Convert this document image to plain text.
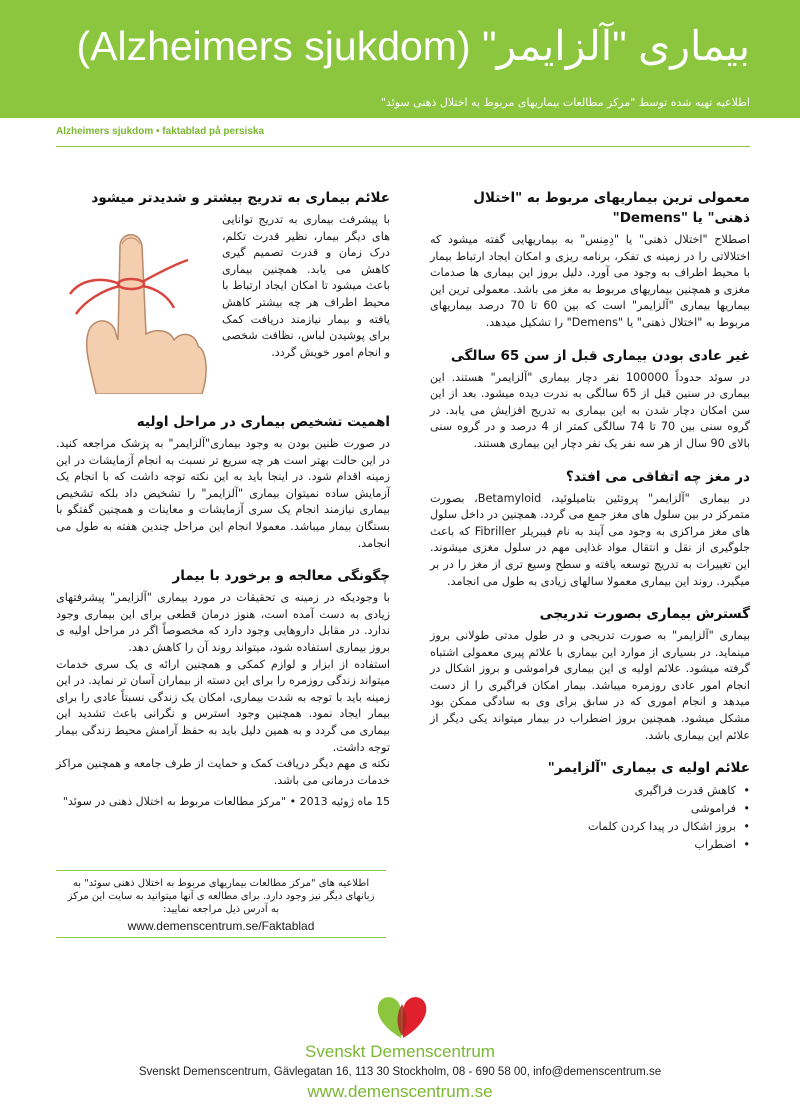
بیماری "آلزایمر" (Alzheimers sjukdom)
اطلاعیه تهیه شده توسط "مرکز مطالعات بیماریهای مربوط به اختلال ذهنی سوئد"
Alzheimers sjukdom • faktablad på persiska
معمولی ترین بیماریهای مربوط به "اختلال ذهنی" یا "Demens"

اصطلاح "اختلال ذهنی" یا "دِمِنس" به بیماریهایی گفته میشود که اختلالاتی را در زمینه ی تفکر، برنامه ریزی و امکان ایجاد ارتباط بیمار با محیط اطراف به وجود می آورد. دلیل بروز این بیماری ها صدمات مغزی و همچنین بیماریهای مربوط به مغز می باشد. معمولی ترین این بیماریها بیماری "آلزایمر" است که بین 60 تا 70 درصد بیماریهای مربوط به "اختلال ذهنی" یا "Demens" را تشکیل میدهد.

غیر عادی بودن بیماری قبل از سن 65 سالگی

در سوئد حدوداً 100000 نفر دچار بیماری "آلزایمر" هستند. این بیماری در سنین قبل از 65 سالگی به ندرت دیده میشود. بعد از این سن امکان دچار شدن به این بیماری به تدریج افزایش می یابد. در گروه سنی بین 70 تا 74 سالگی کمتر از 4 درصد و در گروه سنی بالای 90 سال از هر سه نفر یک نفر دچار این بیماری هستند.

در مغز چه اتفاقی می افتد؟

در بیماری "آلزایمر" پروتئین بتامیلوئید، Betamyloid، بصورت متمرکز در بین سلول های مغز جمع می گردد. همچنین در داخل سلول های مغز مراکزی به وجود می آیند به نام فیبریلر Fibriller که باعث جلوگیری از نقل و انتقال مواد غذایی مهم در سلول مغزی میشوند. این تغییرات به تدریج توسعه یافته و سطح وسیع تری از مغز را در بر میگیرد. روند این بیماری معمولا سالهای زیادی به طول می انجامد.

گسترش بیماری بصورت تدریجی

بیماری "آلزایمر" به صورت تدریجی و در طول مدتی طولانی بروز مینماید. در بسیاری از موارد این بیماری با علائم پیری معمولی اشتباه گرفته میشود. علائم اولیه ی این بیماری فراموشی و بروز اشکال در انجام امور عادی روزمره میباشد. بیمار امکان فراگیری را از دست میدهد و انجام اموری که در سابق برای وی به سادگی ممکن بود مشکل میشود. همچنین بروز اضطراب در بیمار میتواند یکی دیگر از علائم این بیماری باشد.

علائم اولیه ی بیماری "آلزایمر"
• کاهش قدرت فراگیری
• فراموشی
• بروز اشکال در پیدا کردن کلمات
• اضطراب
علائم بیماری به تدریج بیشتر و شدیدتر میشود

با پیشرفت بیماری به تدریج توانایی های دیگر بیمار، نظیر قدرت تکلم، درک زمان و قدرت تصمیم گیری کاهش می یابد. همچنین بیماری باعث میشود تا امکان ایجاد ارتباط با محیط اطراف هر چه بیشتر کاهش یافته و بیمار نیازمند دریافت کمک برای پوشیدن لباس، نظافت شخصی و انجام امور خویش گردد.

اهمیت تشخیص بیماری در مراحل اولیه

در صورت ظنین بودن به وجود بیماری"آلزایمر" به پزشک مراجعه کنید. در این حالت بهتر است هر چه سریع تر نسبت به انجام آزمایشات در این زمینه اقدام شود. در اینجا باید به این نکته توجه داشت که با انجام یک آزمایش ساده نمیتوان بیماری "آلزایمر" را تشخیص داد بلکه تشخیص بیماری نیازمند انجام یک سری آزمایشات و معاینات و همچنین گفتگو با بستگان بیمار میباشد. معمولا انجام این مراحل چندین هفته به طول می انجامد.

چگونگی معالجه و برخورد با بیمار

با وجودیکه در زمینه ی تحقیقات در مورد بیماری "آلزایمر" پیشرفتهای زیادی به دست آمده است، هنوز درمان قطعی برای این بیماری وجود ندارد. در مقابل داروهایی وجود دارد که مخصوصاً اگر در مراحل اولیه ی بروز بیماری استفاده شود، میتواند روند آن را کاهش دهد.

استفاده از ابزار و لوازم کمکی و همچنین ارائه ی یک سری خدمات میتواند زندگی روزمره را برای این دسته از بیماران آسان تر نماید. در این زمینه باید با توجه به شدت بیماری، امکان یک زندگی نسبتاً عادی را برای بیمار ایجاد نمود. همچنین وجود استرس و نگرانی باعث تشدید این بیماری می گردد و به همین دلیل باید به حفظ آرامش محیط زندگی بیمار توجه داشت.

نکته ی مهم دیگر دریافت کمک و حمایت از طرف جامعه و همچنین مراکز خدمات درمانی می باشد.

15 ماه ژوئیه 2013 • "مرکز مطالعات مربوط به اختلال ذهنی در سوئد"
اطلاعیه های "مرکز مطالعات بیماریهای مربوط به اختلال ذهنی سوئد" به زبانهای دیگر نیز وجود دارد. برای مطالعه ی آنها میتوانید به سایت این مرکز به آدرس ذیل مراجعه نمایید:
www.demenscentrum.se/Faktablad
Svenskt Demenscentrum
Svenskt Demenscentrum, Gävlegatan 16, 113 30 Stockholm, 08 - 690 58 00, info@demenscentrum.se
www.demenscentrum.se
